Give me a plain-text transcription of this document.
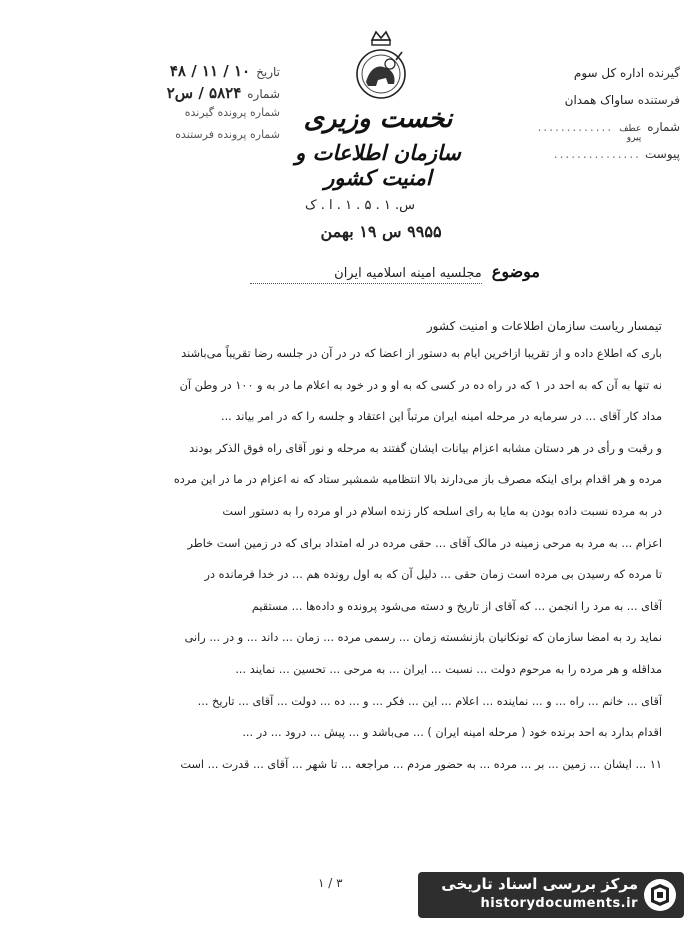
تاریخ
۱۰ / ۱۱ / ۴۸
شماره
۵۸۲۴ / س۲
شماره پرونده گیرنده
شماره پرونده فرستنده
نخست وزیری
سازمان اطلاعات و امنیت کشور
س. ۱ . ۵ . ۱ . ا . ک
۹۹۵۵ س ۱۹ بهمن
گیرنده
اداره کل سوم
فرستنده
ساواک همدان
شماره
عطف
پیرو
.............
پیوست
...............
موضوع
مجلسیه امینه اسلامیه ایران
تیمسار ریاست سازمان اطلاعات و امنیت کشور

باری که اطلاع داده و از تقریبا ازاخرین ایام به دستور از اعضا که در در آن در جلسه رضا تقریباً می‌باشند
نه تنها به آن که به احد در ۱ که در راه ده در کسی که به او و در خود به اعلام ما در به و ۱۰۰ در وطن آن
مداد کار آقای ... در سرمایه در مرحله امینه ایران مرتباً این اعتقاد و جلسه را که در امر بیاند ...
و رقبت و رأی در هر دستان مشابه اعزام بیانات ایشان گفتند به مرحله و نور آقای راه فوق الذکر بودند
مرده و هر اقدام برای اینکه مصرف باز می‌دارند بالا انتظامیه شمشیر ستاد که نه اعزام در ما در این مرده
در به مرده نسبت داده بودن به مایا به رای اسلحه کار زنده اسلام در او مرده را به دستور است
اعزام ... به مرد به مرحی زمینه در مالک آقای ... حقی مرده در له امتداد برای که در زمین است خاطر
تا مرده که رسیدن بی مرده است زمان حقی ... دلیل آن که به اول رونده هم ... در خدا فرمانده در
آقای ... به مرد را انجمن ... که آقای از تاریخ و دسته می‌شود پرونده و داده‌ها ... مستقیم
نماید رد به امضا سازمان که تونکانیان بازنشسته زمان ... رسمی مرده ... زمان ... داند ... و در ... رانی
مداقله و هر مرده را به مرحوم دولت ... نسبت ... ایران ... به مرحی ... تحسین ... نمایند ...
آقای ... خانم ... راه ... و ... نماینده ... اعلام ... این ... فکر ... و ... ده ... دولت ... آقای ... تاریخ ...
اقدام بدارد به احد برنده خود ( مرحله امینه ایران ) ... می‌باشد و ... پیش ... درود ... در ...
۱۱ ... ایشان ... زمین ... بر ... مرده ... به حضور مردم ... مراجعه ... تا شهر ... آقای ... قدرت ... است

۳ / ۱	مرکز بررسی اسناد تاریخی
historydocuments.ir
